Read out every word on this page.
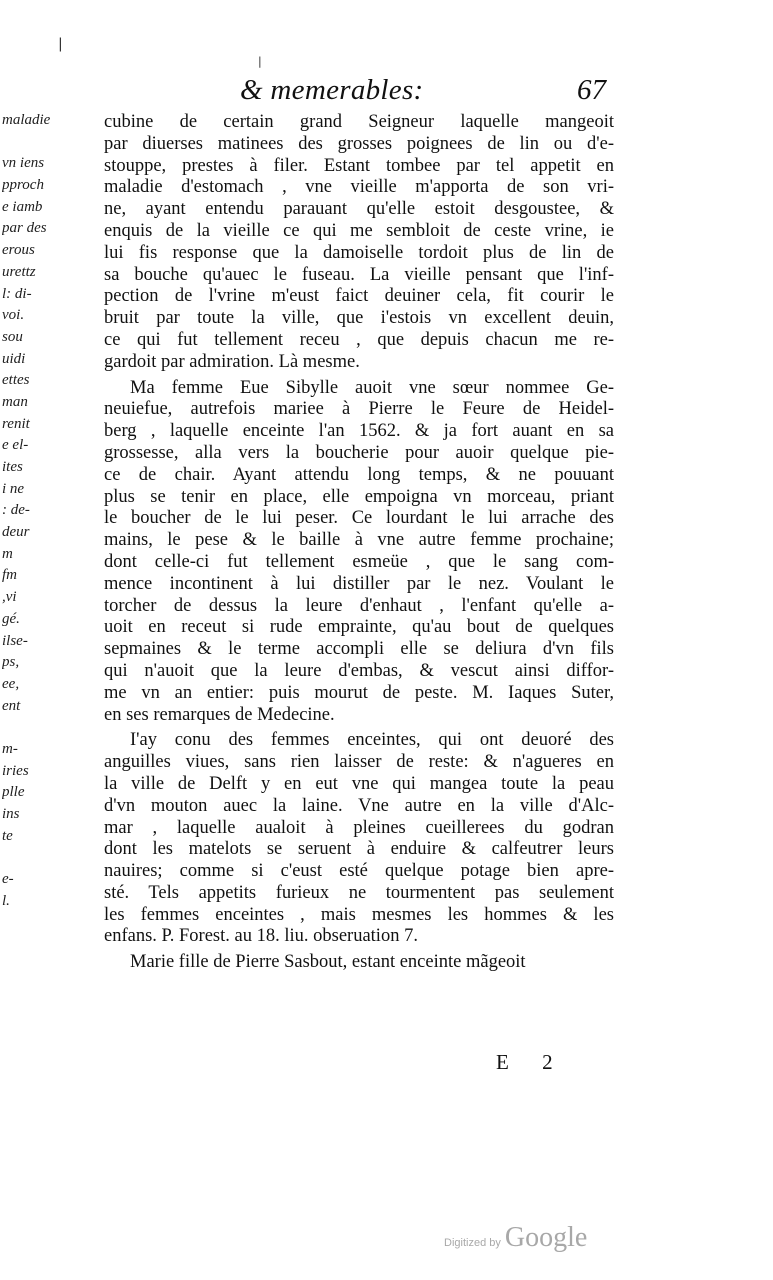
|
|
maladie
vn iens
pproch
e iamb
par des
erous
urettz
l: di-
voi.
sou
uidi
ettes
man
renit
e el-
ites
i ne
: de-
deur
m
fm
,vi
gé.
ilse-
ps,
ee,
ent
m-
iries
plle
ins
te
e-
l.
& memerables:	67
cubine de certain grand Seigneur laquelle mangeoit
par diuerses matinees des grosses poignees de lin ou d'e-
stouppe, prestes à filer. Estant tombee par tel appetit en
maladie d'estomach , vne vieille m'apporta de son vri-
ne, ayant entendu parauant qu'elle estoit desgoustee, &
enquis de la vieille ce qui me sembloit de ceste vrine, ie
lui fis response que la damoiselle tordoit plus de lin de
sa bouche qu'auec le fuseau. La vieille pensant que l'inf-
pection de l'vrine m'eust faict deuiner cela, fit courir le
bruit par toute la ville, que i'estois vn excellent deuin,
ce qui fut tellement receu , que depuis chacun me re-
gardoit par admiration. Là mesme.
Ma femme Eue Sibylle auoit vne sœur nommee Ge-
neuiefue, autrefois mariee à Pierre le Feure de Heidel-
berg , laquelle enceinte l'an 1562. & ja fort auant en sa
grossesse, alla vers la boucherie pour auoir quelque pie-
ce de chair. Ayant attendu long temps, & ne pouuant
plus se tenir en place, elle empoigna vn morceau, priant
le boucher de le lui peser. Ce lourdant le lui arrache des
mains, le pese & le baille à vne autre femme prochaine;
dont celle-ci fut tellement esmeüe , que le sang com-
mence incontinent à lui distiller par le nez. Voulant le
torcher de dessus la leure d'enhaut , l'enfant qu'elle a-
uoit en receut si rude emprainte, qu'au bout de quelques
sepmaines & le terme accompli elle se deliura d'vn fils
qui n'auoit que la leure d'embas, & vescut ainsi diffor-
me vn an entier: puis mourut de peste. M. Iaques Suter,
en ses remarques de Medecine.
I'ay conu des femmes enceintes, qui ont deuoré des
anguilles viues, sans rien laisser de reste: & n'agueres en
la ville de Delft y en eut vne qui mangea toute la peau
d'vn mouton auec la laine. Vne autre en la ville d'Alc-
mar , laquelle aualoit à pleines cueillerees du godran
dont les matelots se seruent à enduire & calfeutrer leurs
nauires; comme si c'eust esté quelque potage bien apre-
sté. Tels appetits furieux ne tourmentent pas seulement
les femmes enceintes , mais mesmes les hommes & les
enfans. P. Forest. au 18. liu. obseruation 7.
Marie fille de Pierre Sasbout, estant enceinte mãgeoit
E 2
Digitized by Google
